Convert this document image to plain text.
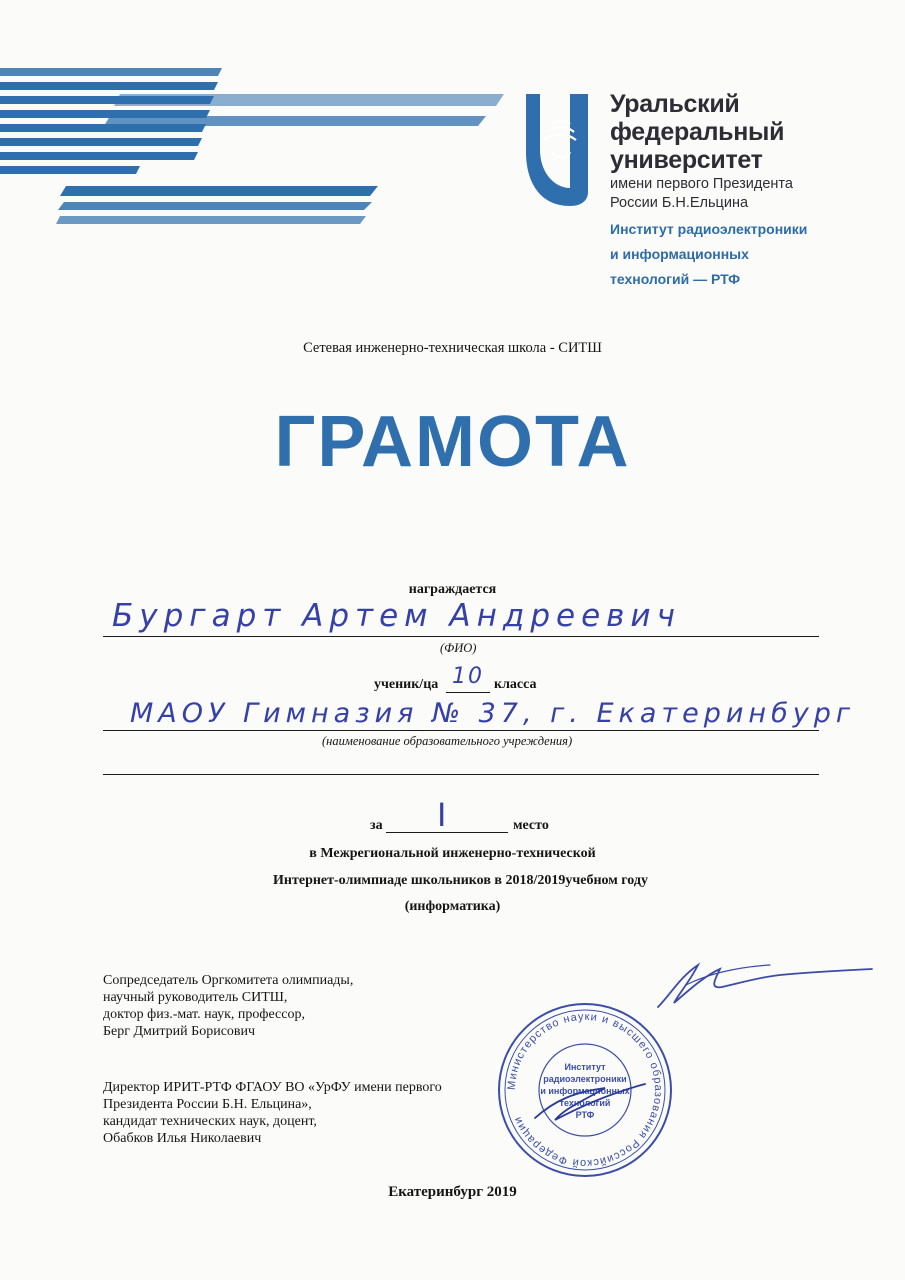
Уральский
федеральный
университет
имени первого Президента
России Б.Н.Ельцина
Институт радиоэлектроники
и информационных
технологий — РТФ
Сетевая инженерно-техническая школа - СИТШ
ГРАМОТА
награждается
Бургарт Артем Андреевич
(ФИО)
ученик/ца 10 класса
МАОУ Гимназия № 37, г. Екатеринбург
(наименование образовательного учреждения)
за I	место
в Межрегиональной инженерно-технической
Интернет-олимпиаде школьников в 2018/2019учебном году
(информатика)
Сопредседатель Оргкомитета олимпиады,
научный руководитель СИТШ,
доктор физ.-мат. наук, профессор,
Берг Дмитрий Борисович
Директор ИРИТ-РТФ ФГАОУ ВО «УрФУ имени первого
Президента России Б.Н. Ельцина»,
кандидат технических наук, доцент,
Обабков Илья Николаевич
Министерство науки и высшего образования Российской Федерации
Институт
радиоэлектроники
и информационных
технологий
РТФ
Екатеринбург 2019
